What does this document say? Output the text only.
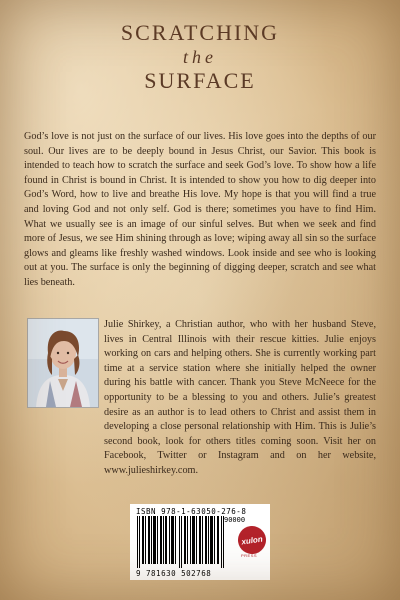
SCRATCHING
the
SURFACE

God’s love is not just on the surface of our lives. His love goes into the depths of our soul. Our lives are to be deeply bound in Jesus Christ, our Savior. This book is intended to teach how to scratch the surface and seek God’s love. To show how a life found in Christ is bound in Christ. It is intended to show you how to dig deeper into God’s Word, how to live and breathe His love. My hope is that you will find a true and loving God and not only self. God is there; sometimes you have to find Him. What we usually see is an image of our sinful selves. But when we seek and find more of Jesus, we see Him shining through as love; wiping away all sin so the surface glows and gleams like freshly washed windows. Look inside and see who is looking out at you. The surface is only the beginning of digging deeper, scratch and see what lies beneath.

Julie Shirkey, a Christian author, who with her husband Steve, lives in Central Illinois with their rescue kitties. Julie enjoys working on cars and helping others. She is currently working part time at a service station where she initially helped the owner during his battle with cancer. Thank you Steve McNeece for the opportunity to be a blessing to you and others. Julie’s greatest desire as an author is to lead others to Christ and assist them in developing a close personal relationship with Him. This is Julie’s second book, look for others titles coming soon. Visit her on Facebook, Twitter or Instagram and on her website, www.julieshirkey.com.

ISBN 978-1-63050-276-8
90000
9 781630 502768
xulon
PRESS
